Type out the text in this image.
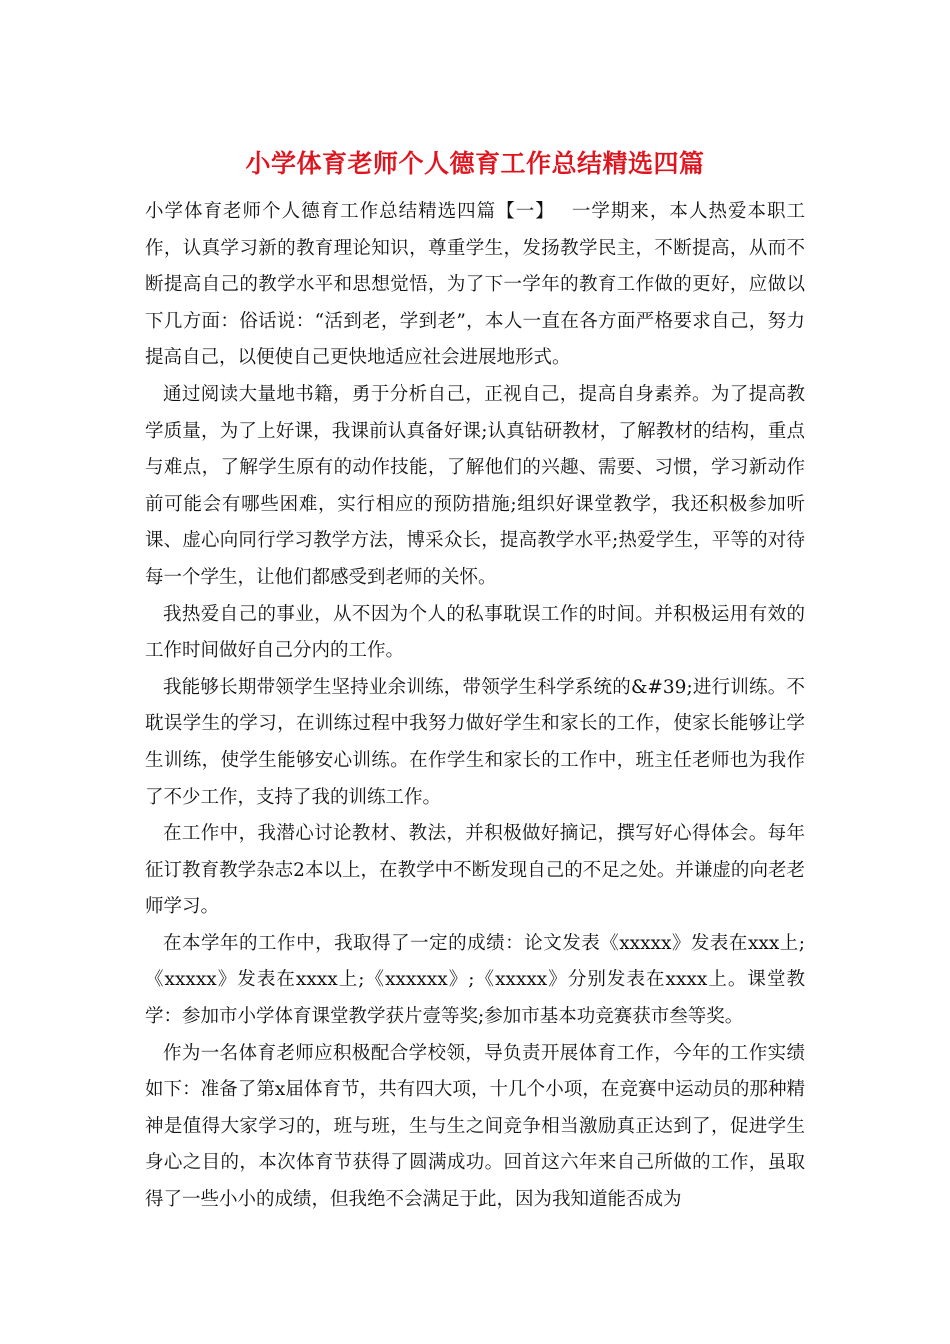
小学体育老师个人德育工作总结精选四篇

小学体育老师个人德育工作总结精选四篇【一】　 一学期来，本人热爱本职工作，认真学习新的教育理论知识，尊重学生，发扬教学民主，不断提高，从而不断提高自己的教学水平和思想觉悟，为了下一学年的教育工作做的更好，应做以下几方面：俗话说：“活到老，学到老”，本人一直在各方面严格要求自己，努力提高自己，以便使自己更快地适应社会进展地形式。

通过阅读大量地书籍，勇于分析自己，正视自己，提高自身素养。为了提高教学质量，为了上好课，我课前认真备好课;认真钻研教材，了解教材的结构，重点与难点，了解学生原有的动作技能，了解他们的兴趣、需要、习惯，学习新动作前可能会有哪些困难，实行相应的预防措施;组织好课堂教学，我还积极参加听课、虚心向同行学习教学方法，博采众长，提高教学水平;热爱学生，平等的对待每一个学生，让他们都感受到老师的关怀。

我热爱自己的事业，从不因为个人的私事耽误工作的时间。并积极运用有效的工作时间做好自己分内的工作。

我能够长期带领学生坚持业余训练，带领学生科学系统的&#39;进行训练。不耽误学生的学习，在训练过程中我努力做好学生和家长的工作，使家长能够让学生训练，使学生能够安心训练。在作学生和家长的工作中，班主任老师也为我作了不少工作，支持了我的训练工作。

在工作中，我潜心讨论教材、教法，并积极做好摘记，撰写好心得体会。每年征订教育教学杂志2本以上，在教学中不断发现自己的不足之处。并谦虚的向老老师学习。

在本学年的工作中，我取得了一定的成绩：论文发表《xxxxx》发表在xxx上;《xxxxx》发表在xxxx上;《xxxxxx》;《xxxxx》分别发表在xxxx上。课堂教学：参加市小学体育课堂教学获片壹等奖;参加市基本功竞赛获市叁等奖。

作为一名体育老师应积极配合学校领，导负责开展体育工作，今年的工作实绩如下：准备了第x届体育节，共有四大项，十几个小项，在竞赛中运动员的那种精神是值得大家学习的，班与班，生与生之间竞争相当激励真正达到了，促进学生身心之目的，本次体育节获得了圆满成功。回首这六年来自己所做的工作，虽取得了一些小小的成绩，但我绝不会满足于此，因为我知道能否成为
